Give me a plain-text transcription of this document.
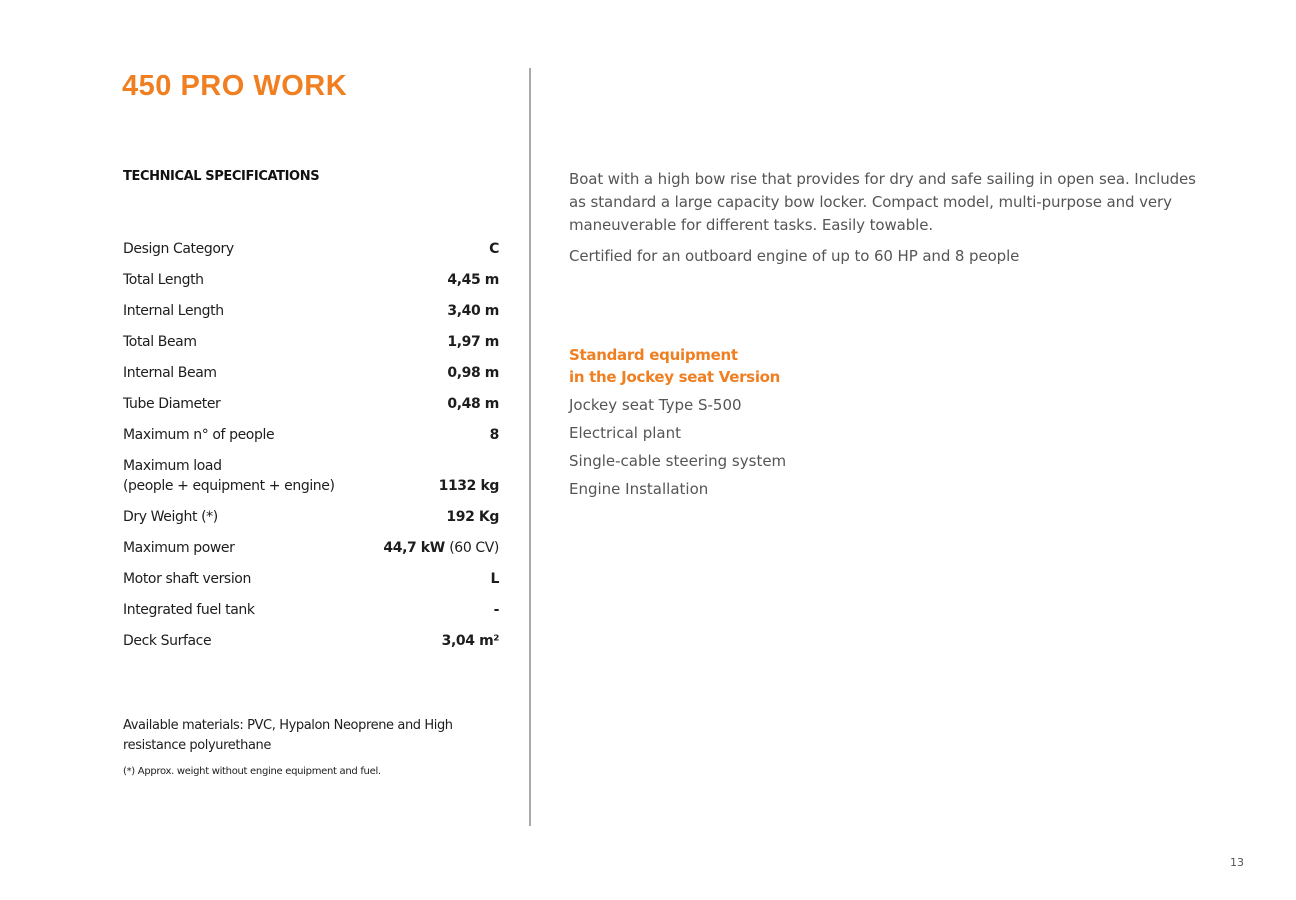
450 PRO WORK
TECHNICAL SPECIFICATIONS
Design Category	C
Total Length	4,45 m
Internal Length	3,40 m
Total Beam	1,97 m
Internal Beam	0,98 m
Tube Diameter	0,48 m
Maximum n° of people	8
Maximum load
(people + equipment + engine)	1132 kg
Dry Weight (*)	192 Kg
Maximum power	44,7 kW (60 CV)
Motor shaft version	L
Integrated fuel tank	-
Deck Surface	3,04 m²

Available materials: PVC, Hypalon Neoprene and High resistance polyurethane

(*) Approx. weight without engine equipment and fuel.

Boat with a high bow rise that provides for dry and safe sailing in open sea. Includes as standard a large capacity bow locker. Compact model, multi-purpose and very maneuverable for different tasks. Easily towable.

Certified for an outboard engine of up to 60 HP and 8 people

Standard equipment
in the Jockey seat Version
Jockey seat Type S-500
Electrical plant
Single-cable steering system
Engine Installation
13
